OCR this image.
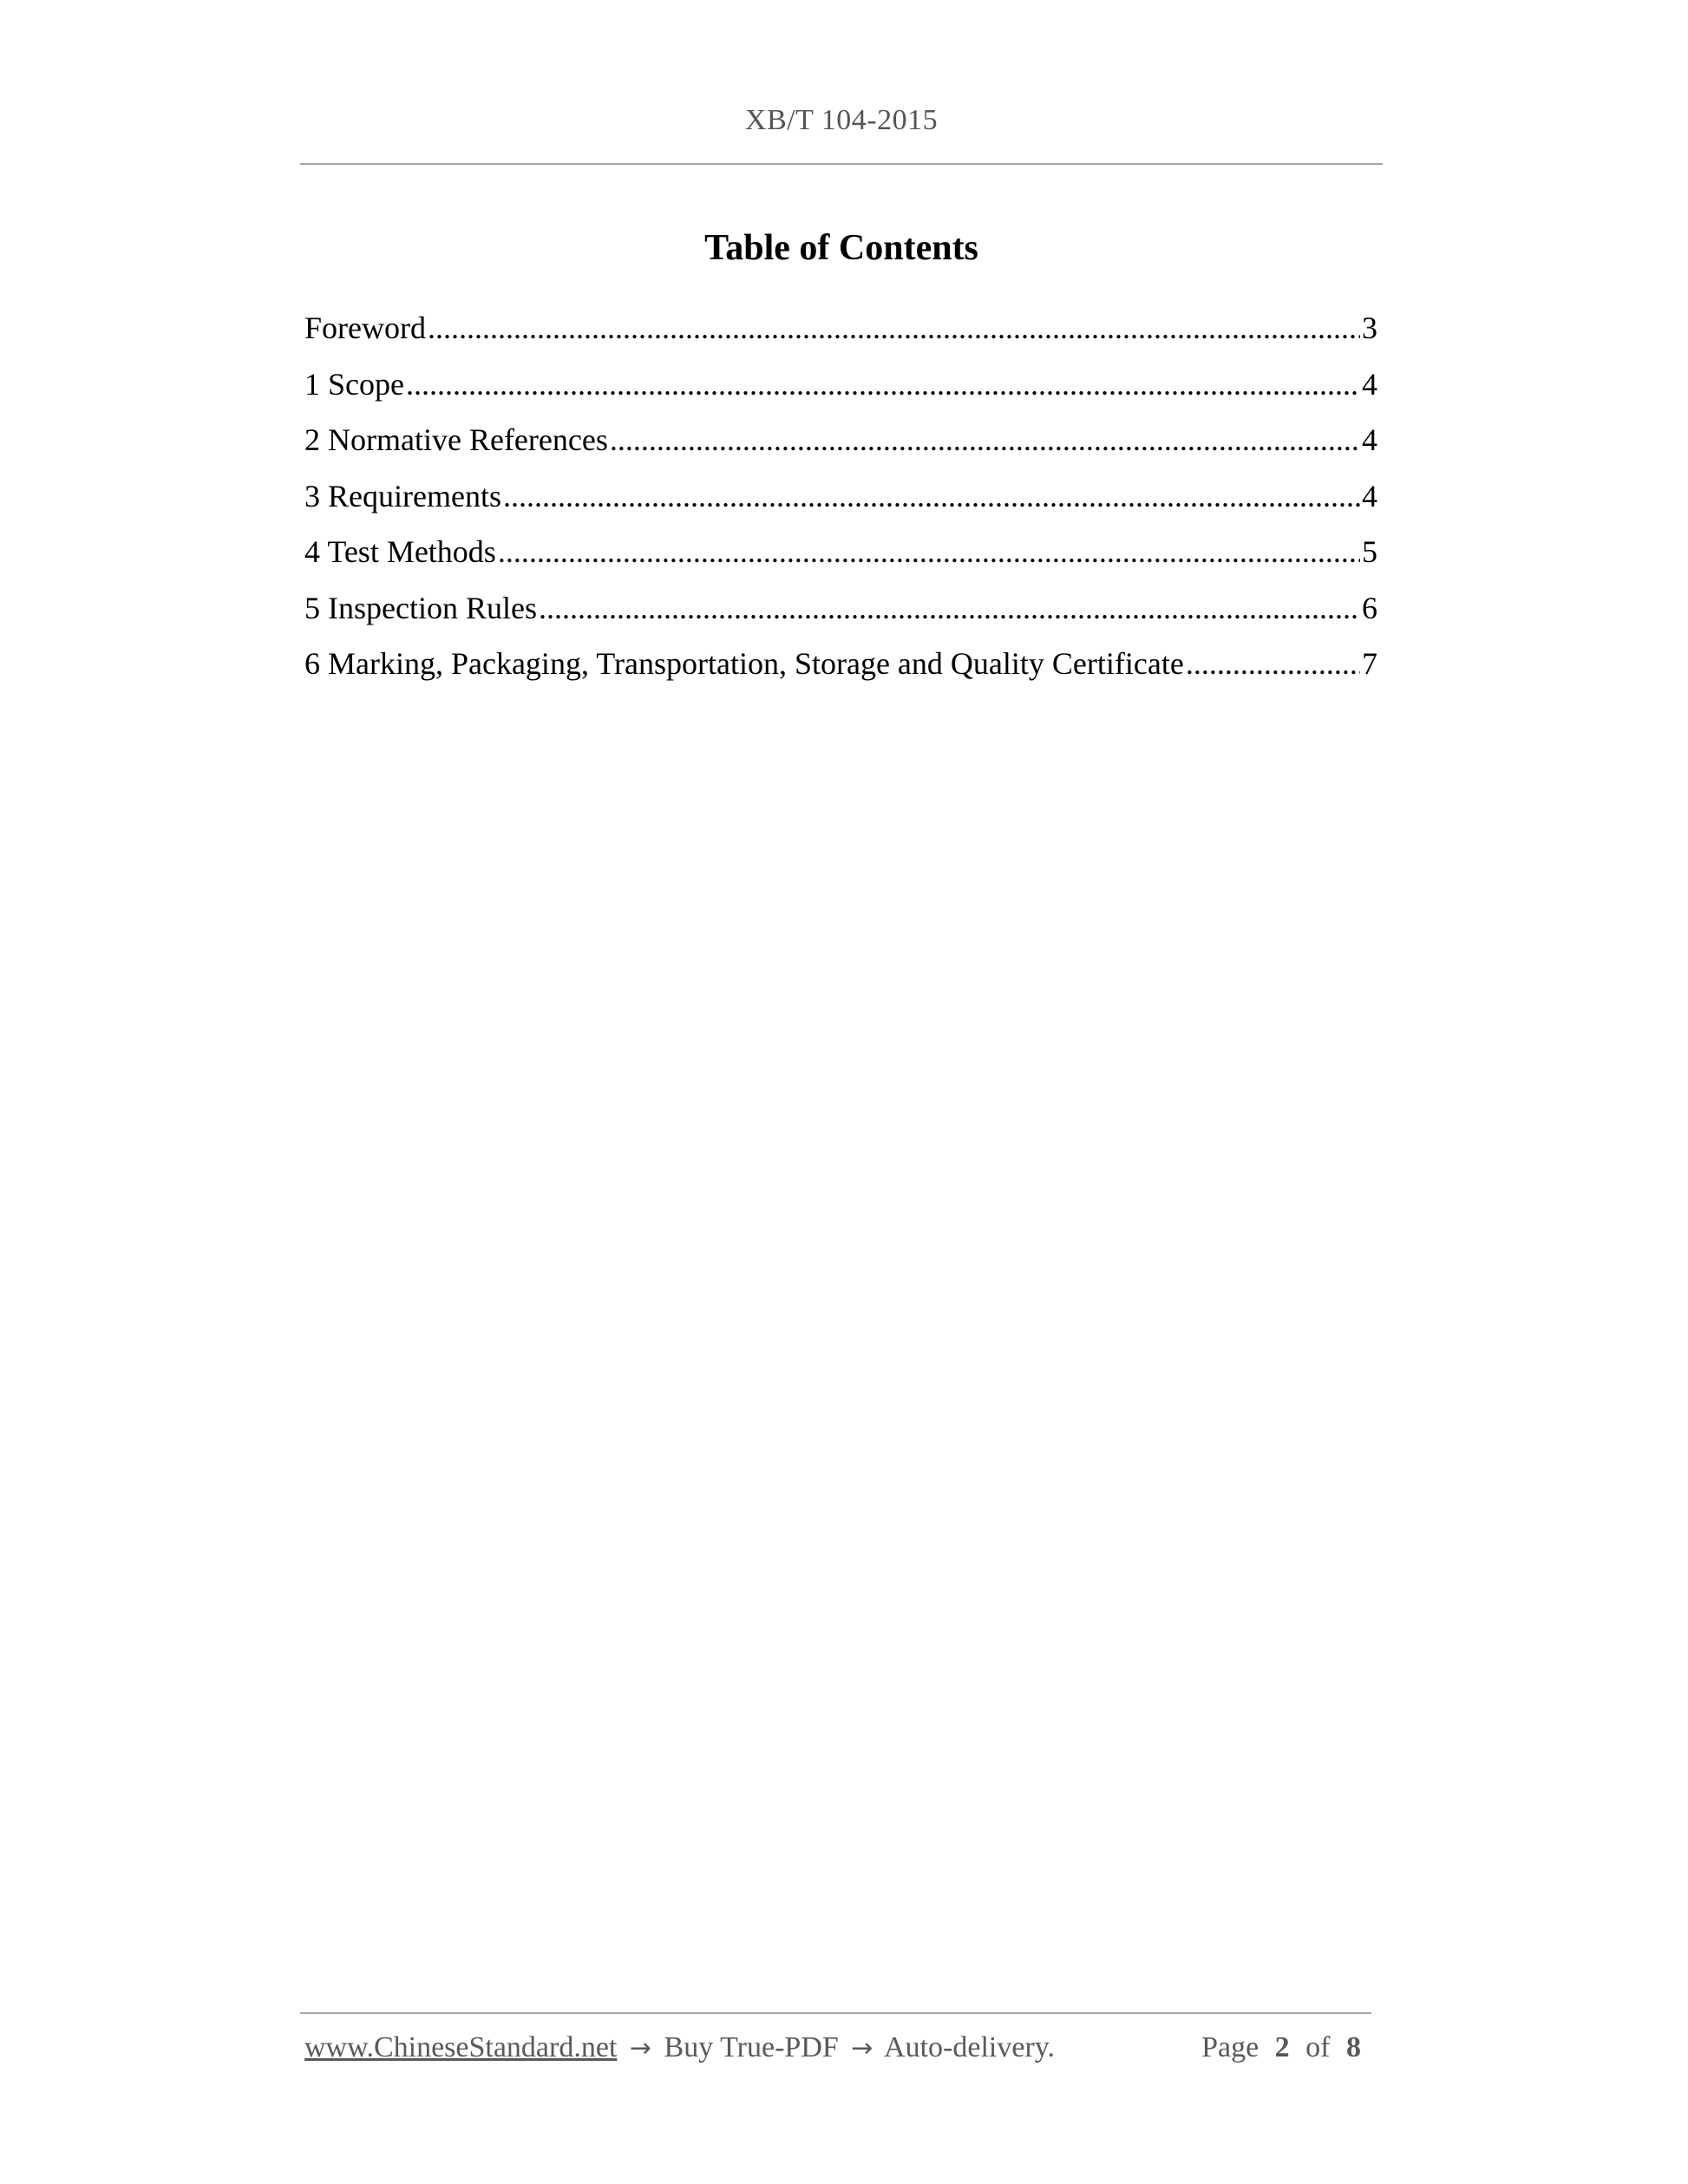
XB/T 104-2015
Table of Contents
Foreword .....	3
1 Scope .....	4
2 Normative References .....	4
3 Requirements .....	4
4 Test Methods .....	5
5 Inspection Rules .....	6
6 Marking, Packaging, Transportation, Storage and Quality Certificate .....	7
www.ChineseStandard.net → Buy True-PDF → Auto-delivery.	Page 2 of 8
